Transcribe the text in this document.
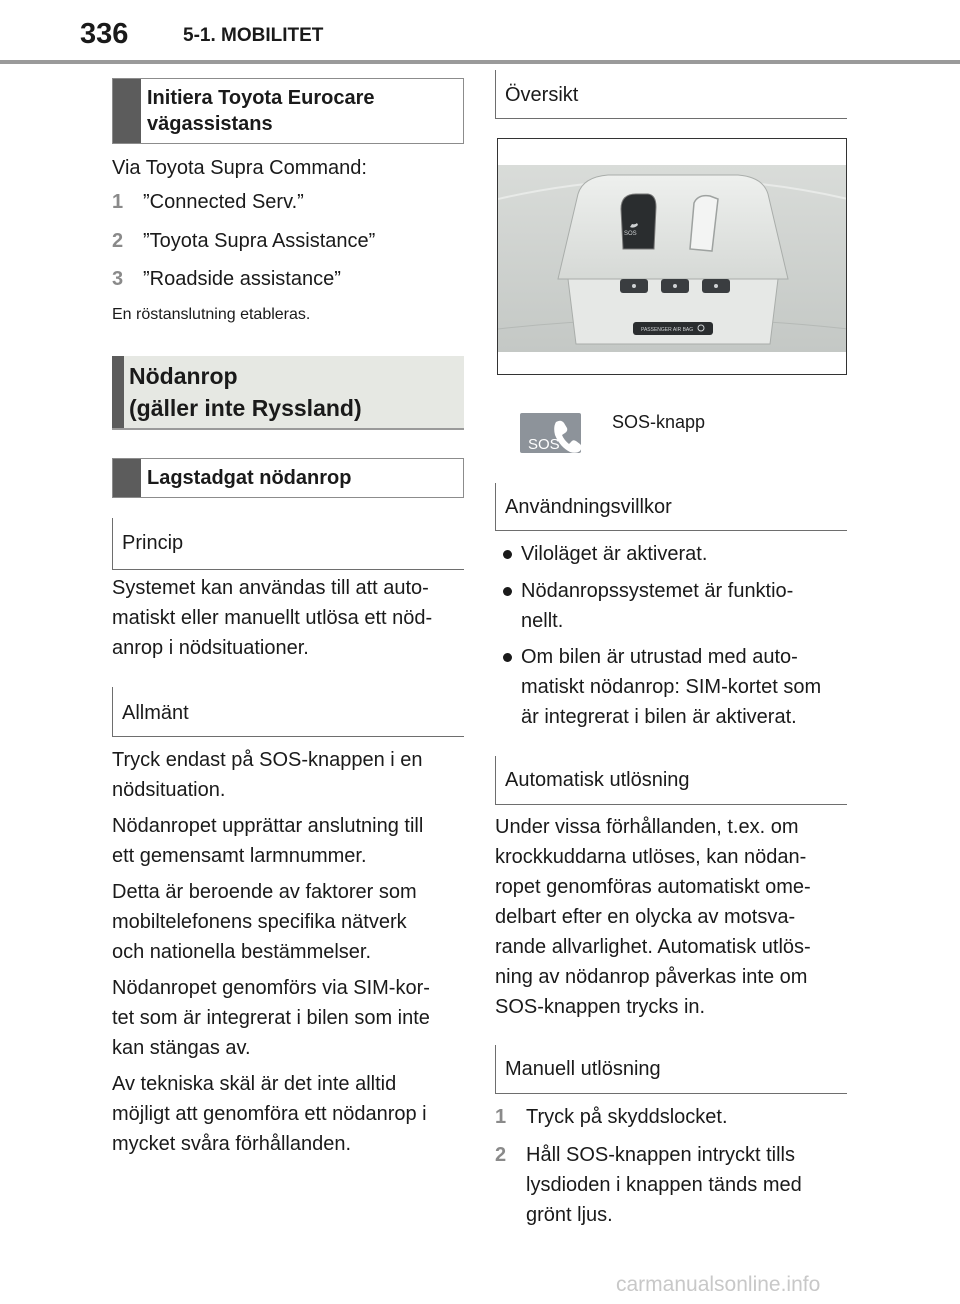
336	5-1. MOBILITET
Initiera Toyota Eurocare
vägassistans
Via Toyota Supra Command:
1 ”Connected Serv.”
2 ”Toyota Supra Assistance”
3 ”Roadside assistance”
En röstanslutning etableras.
Nödanrop
(gäller inte Ryssland)
Lagstadgat nödanrop
Princip
Systemet kan användas till att auto-
matiskt eller manuellt utlösa ett nöd-
anrop i nödsituationer.
Allmänt
Tryck endast på SOS-knappen i en
nödsituation.
Nödanropet upprättar anslutning till
ett gemensamt larmnummer.
Detta är beroende av faktorer som
mobiltelefonens specifika nätverk
och nationella bestämmelser.
Nödanropet genomförs via SIM-kor-
tet som är integrerat i bilen som inte
kan stängas av.
Av tekniska skäl är det inte alltid
möjligt att genomföra ett nödanrop i
mycket svåra förhållanden.
Översikt
SOS
PASSENGER AIR BAG
SOS
SOS-knapp
Användningsvillkor
Viloläget är aktiverat.
Nödanropssystemet är funktio-
nellt.
Om bilen är utrustad med auto-
matiskt nödanrop: SIM-kortet som
är integrerat i bilen är aktiverat.
Automatisk utlösning
Under vissa förhållanden, t.ex. om
krockkuddarna utlöses, kan nödan-
ropet genomföras automatiskt ome-
delbart efter en olycka av motsva-
rande allvarlighet. Automatisk utlös-
ning av nödanrop påverkas inte om
SOS-knappen trycks in.
Manuell utlösning
1 Tryck på skyddslocket.
2 Håll SOS-knappen intryckt tills
lysdioden i knappen tänds med
grönt ljus.
carmanualsonline.info
